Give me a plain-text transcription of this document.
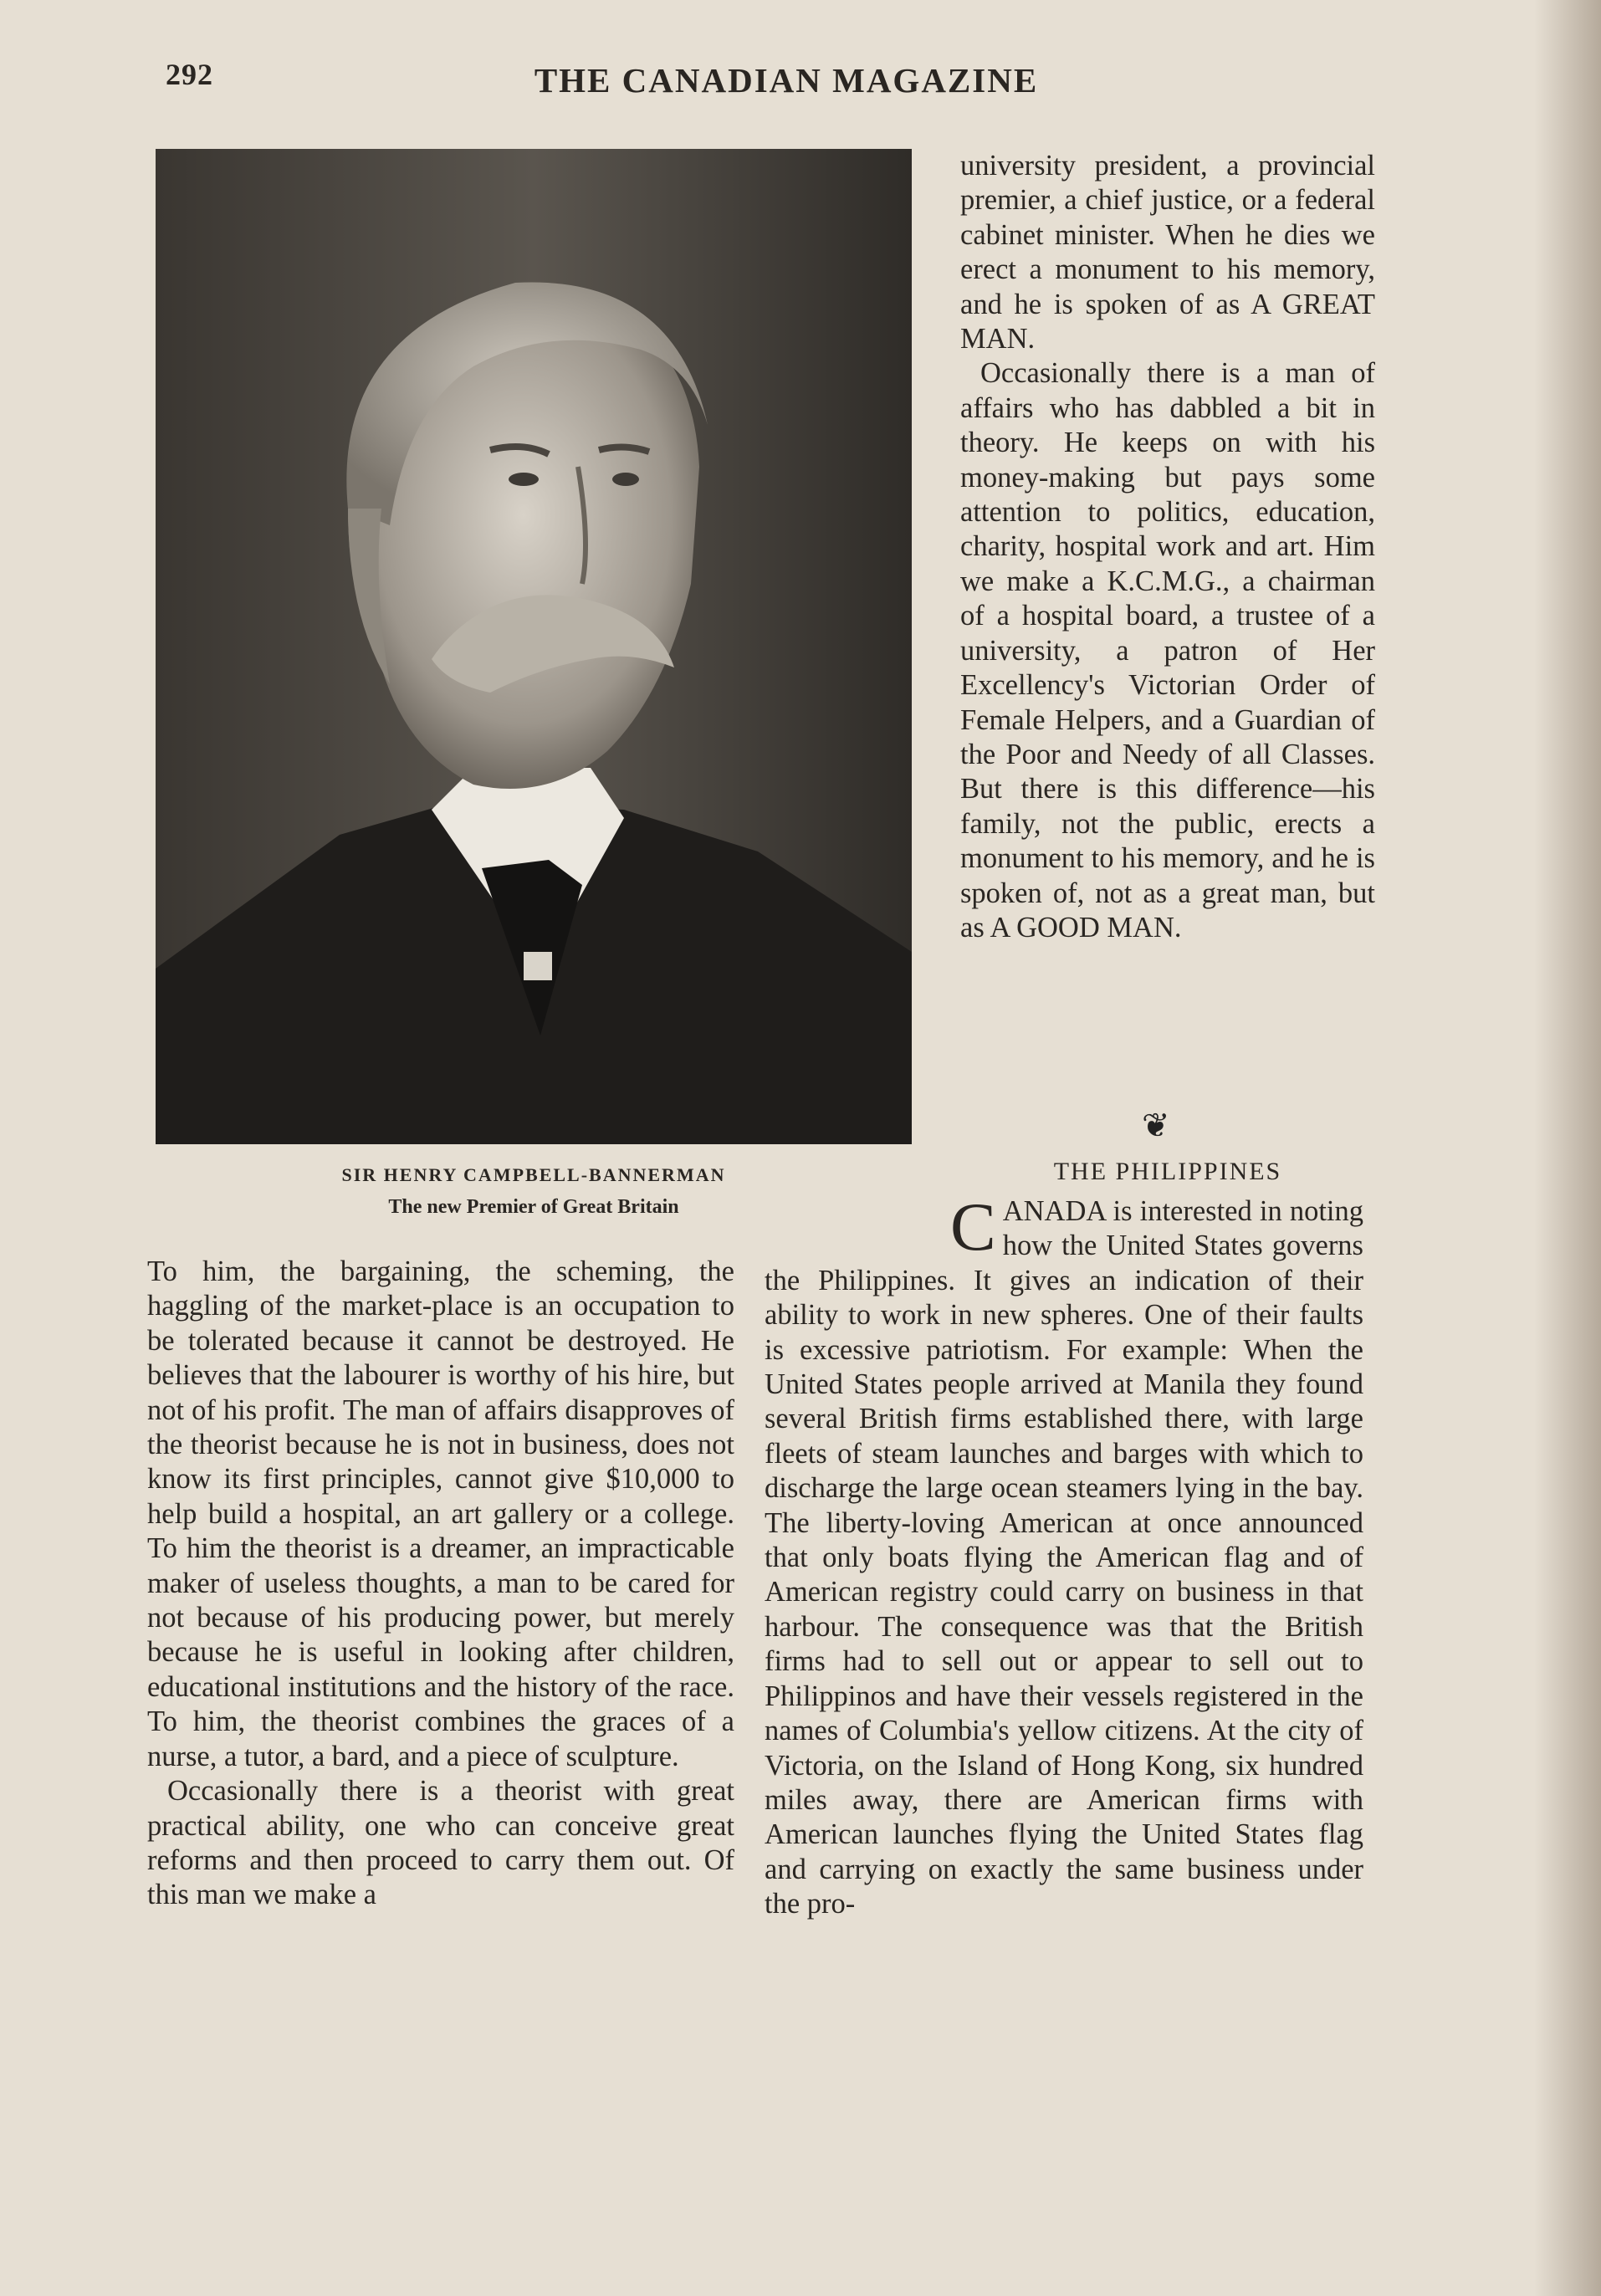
292	THE CANADIAN MAGAZINE
SIR HENRY CAMPBELL-BANNERMAN
The new Premier of Great Britain

university president, a provincial premier, a chief justice, or a federal cabinet minister. When he dies we erect a monument to his memory, and he is spoken of as A GREAT MAN.

Occasionally there is a man of affairs who has dabbled a bit in theory. He keeps on with his money-making but pays some attention to politics, education, charity, hospital work and art. Him we make a K.C.M.G., a chairman of a hospital board, a trustee of a university, a patron of Her Excellency's Victorian Order of Female Helpers, and a Guardian of the Poor and Needy of all Classes. But there is this difference—his family, not the public, erects a monument to his memory, and he is spoken of, not as a great man, but as A GOOD MAN.

❦
THE PHILIPPINES

CANADA is interested in noting how the United States governs the Philippines. It gives an indication of their ability to work in new spheres. One of their faults is excessive patriotism. For example: When the United States people arrived at Manila they found several British firms established there, with large fleets of steam launches and barges with which to discharge the large ocean steamers lying in the bay. The liberty-loving American at once announced that only boats flying the American flag and of American registry could carry on business in that harbour. The consequence was that the British firms had to sell out or appear to sell out to Philippinos and have their vessels registered in the names of Columbia's yellow citizens. At the city of Victoria, on the Island of Hong Kong, six hundred miles away, there are American firms with American launches flying the United States flag and carrying on exactly the same business under the pro-

To him, the bargaining, the scheming, the haggling of the market-place is an occupation to be tolerated because it cannot be destroyed. He believes that the labourer is worthy of his hire, but not of his profit. The man of affairs disapproves of the theorist because he is not in business, does not know its first principles, cannot give $10,000 to help build a hospital, an art gallery or a college. To him the theorist is a dreamer, an impracticable maker of useless thoughts, a man to be cared for not because of his producing power, but merely because he is useful in looking after children, educational institutions and the history of the race. To him, the theorist combines the graces of a nurse, a tutor, a bard, and a piece of sculpture.

Occasionally there is a theorist with great practical ability, one who can conceive great reforms and then proceed to carry them out. Of this man we make a
